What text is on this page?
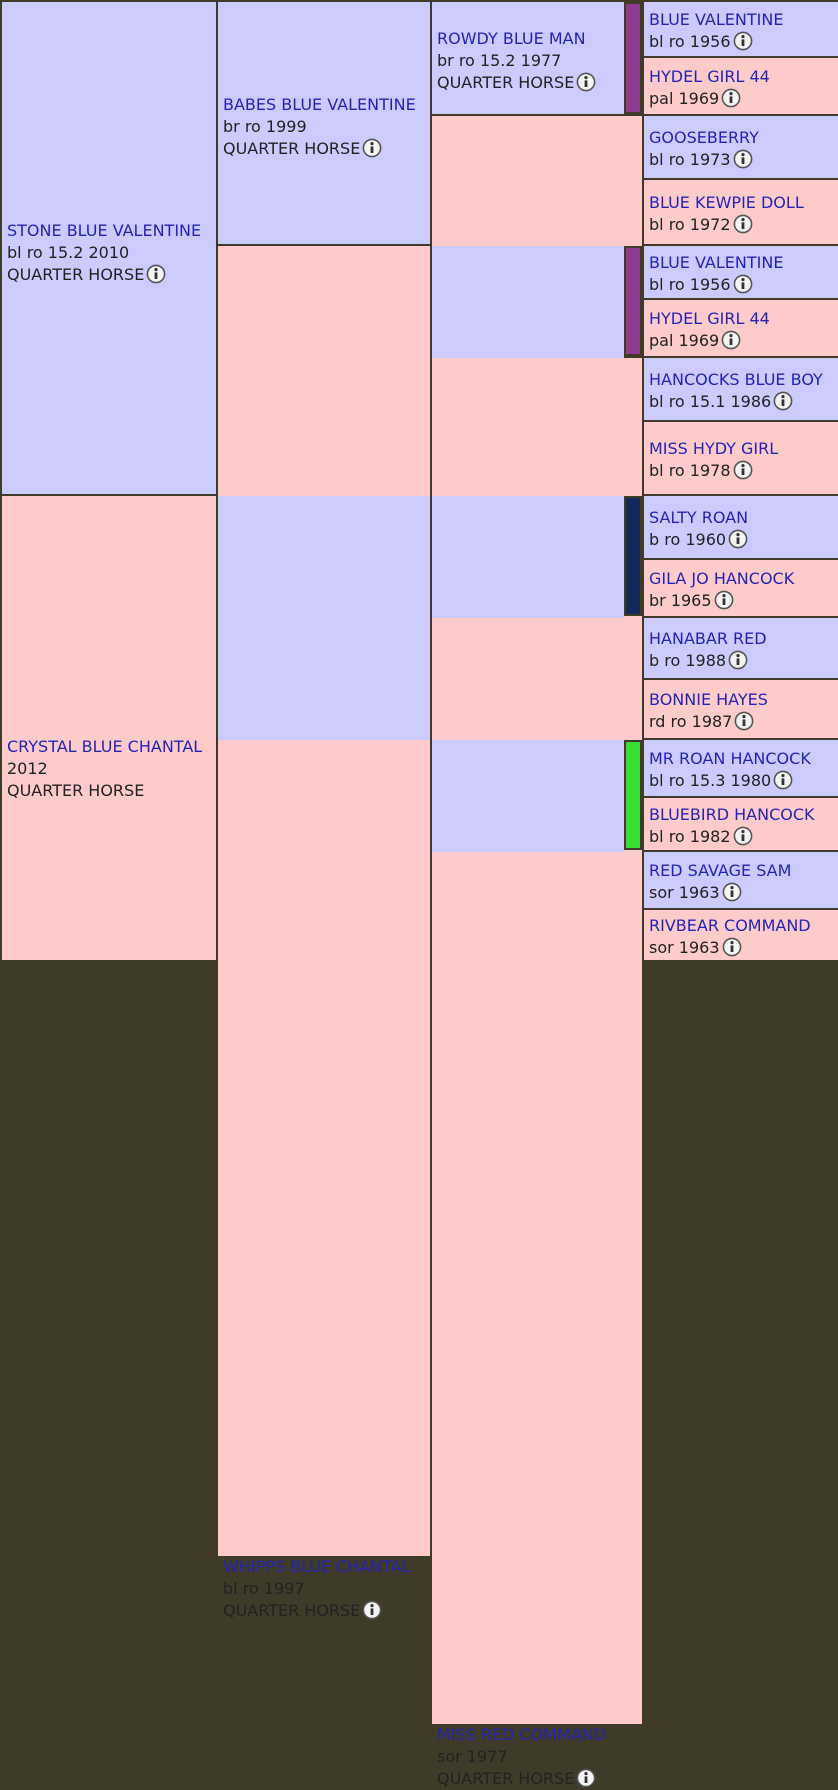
STONE BLUE VALENTINE
bl ro 15.2 2010
QUARTER HORSE
CRYSTAL BLUE CHANTAL
2012
QUARTER HORSE
BABES BLUE VALENTINE
br ro 1999
QUARTER HORSE
WHIPPS BLUE CHANTAL
bl ro 1997
QUARTER HORSE
ROWDY BLUE MAN
br ro 15.2 1977
QUARTER HORSE
MISS RED COMMAND
sor 1977
QUARTER HORSE
BLUE VALENTINE
bl ro 1956
HYDEL GIRL 44
pal 1969
GOOSEBERRY
bl ro 1973
BLUE KEWPIE DOLL
bl ro 1972
BLUE VALENTINE
bl ro 1956
HYDEL GIRL 44
pal 1969
HANCOCKS BLUE BOY
bl ro 15.1 1986
MISS HYDY GIRL
bl ro 1978
SALTY ROAN
b ro 1960
GILA JO HANCOCK
br 1965
HANABAR RED
b ro 1988
BONNIE HAYES
rd ro 1987
MR ROAN HANCOCK
bl ro 15.3 1980
BLUEBIRD HANCOCK
bl ro 1982
RED SAVAGE SAM
sor 1963
RIVBEAR COMMAND
sor 1963
